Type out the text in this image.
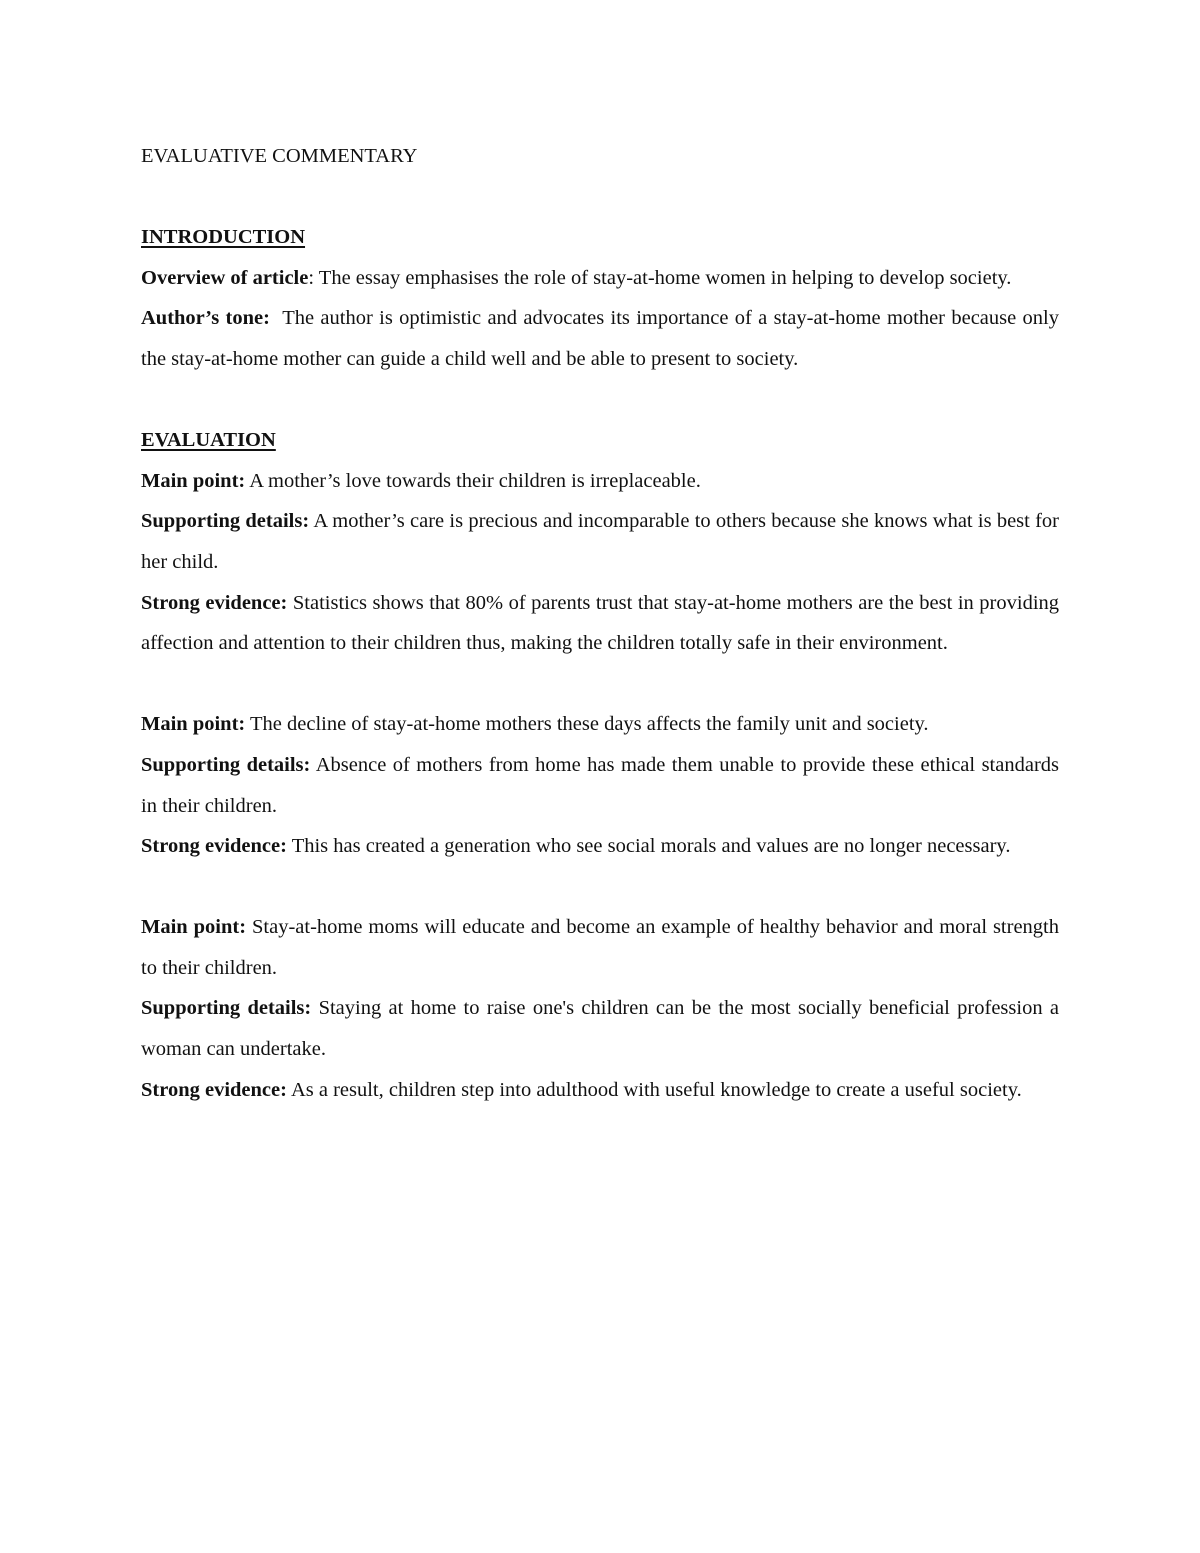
EVALUATIVE COMMENTARY

INTRODUCTION

Overview of article: The essay emphasises the role of stay-at-home women in helping to develop society.

Author’s tone: The author is optimistic and advocates its importance of a stay-at-home mother because only the stay-at-home mother can guide a child well and be able to present to society.

EVALUATION

Main point: A mother’s love towards their children is irreplaceable.

Supporting details: A mother’s care is precious and incomparable to others because she knows what is best for her child.

Strong evidence: Statistics shows that 80% of parents trust that stay-at-home mothers are the best in providing affection and attention to their children thus, making the children totally safe in their environment.

Main point: The decline of stay-at-home mothers these days affects the family unit and society.

Supporting details: Absence of mothers from home has made them unable to provide these ethical standards in their children.

Strong evidence: This has created a generation who see social morals and values are no longer necessary.

Main point: Stay-at-home moms will educate and become an example of healthy behavior and moral strength to their children.

Supporting details: Staying at home to raise one's children can be the most socially beneficial profession a woman can undertake.

Strong evidence: As a result, children step into adulthood with useful knowledge to create a useful society.
